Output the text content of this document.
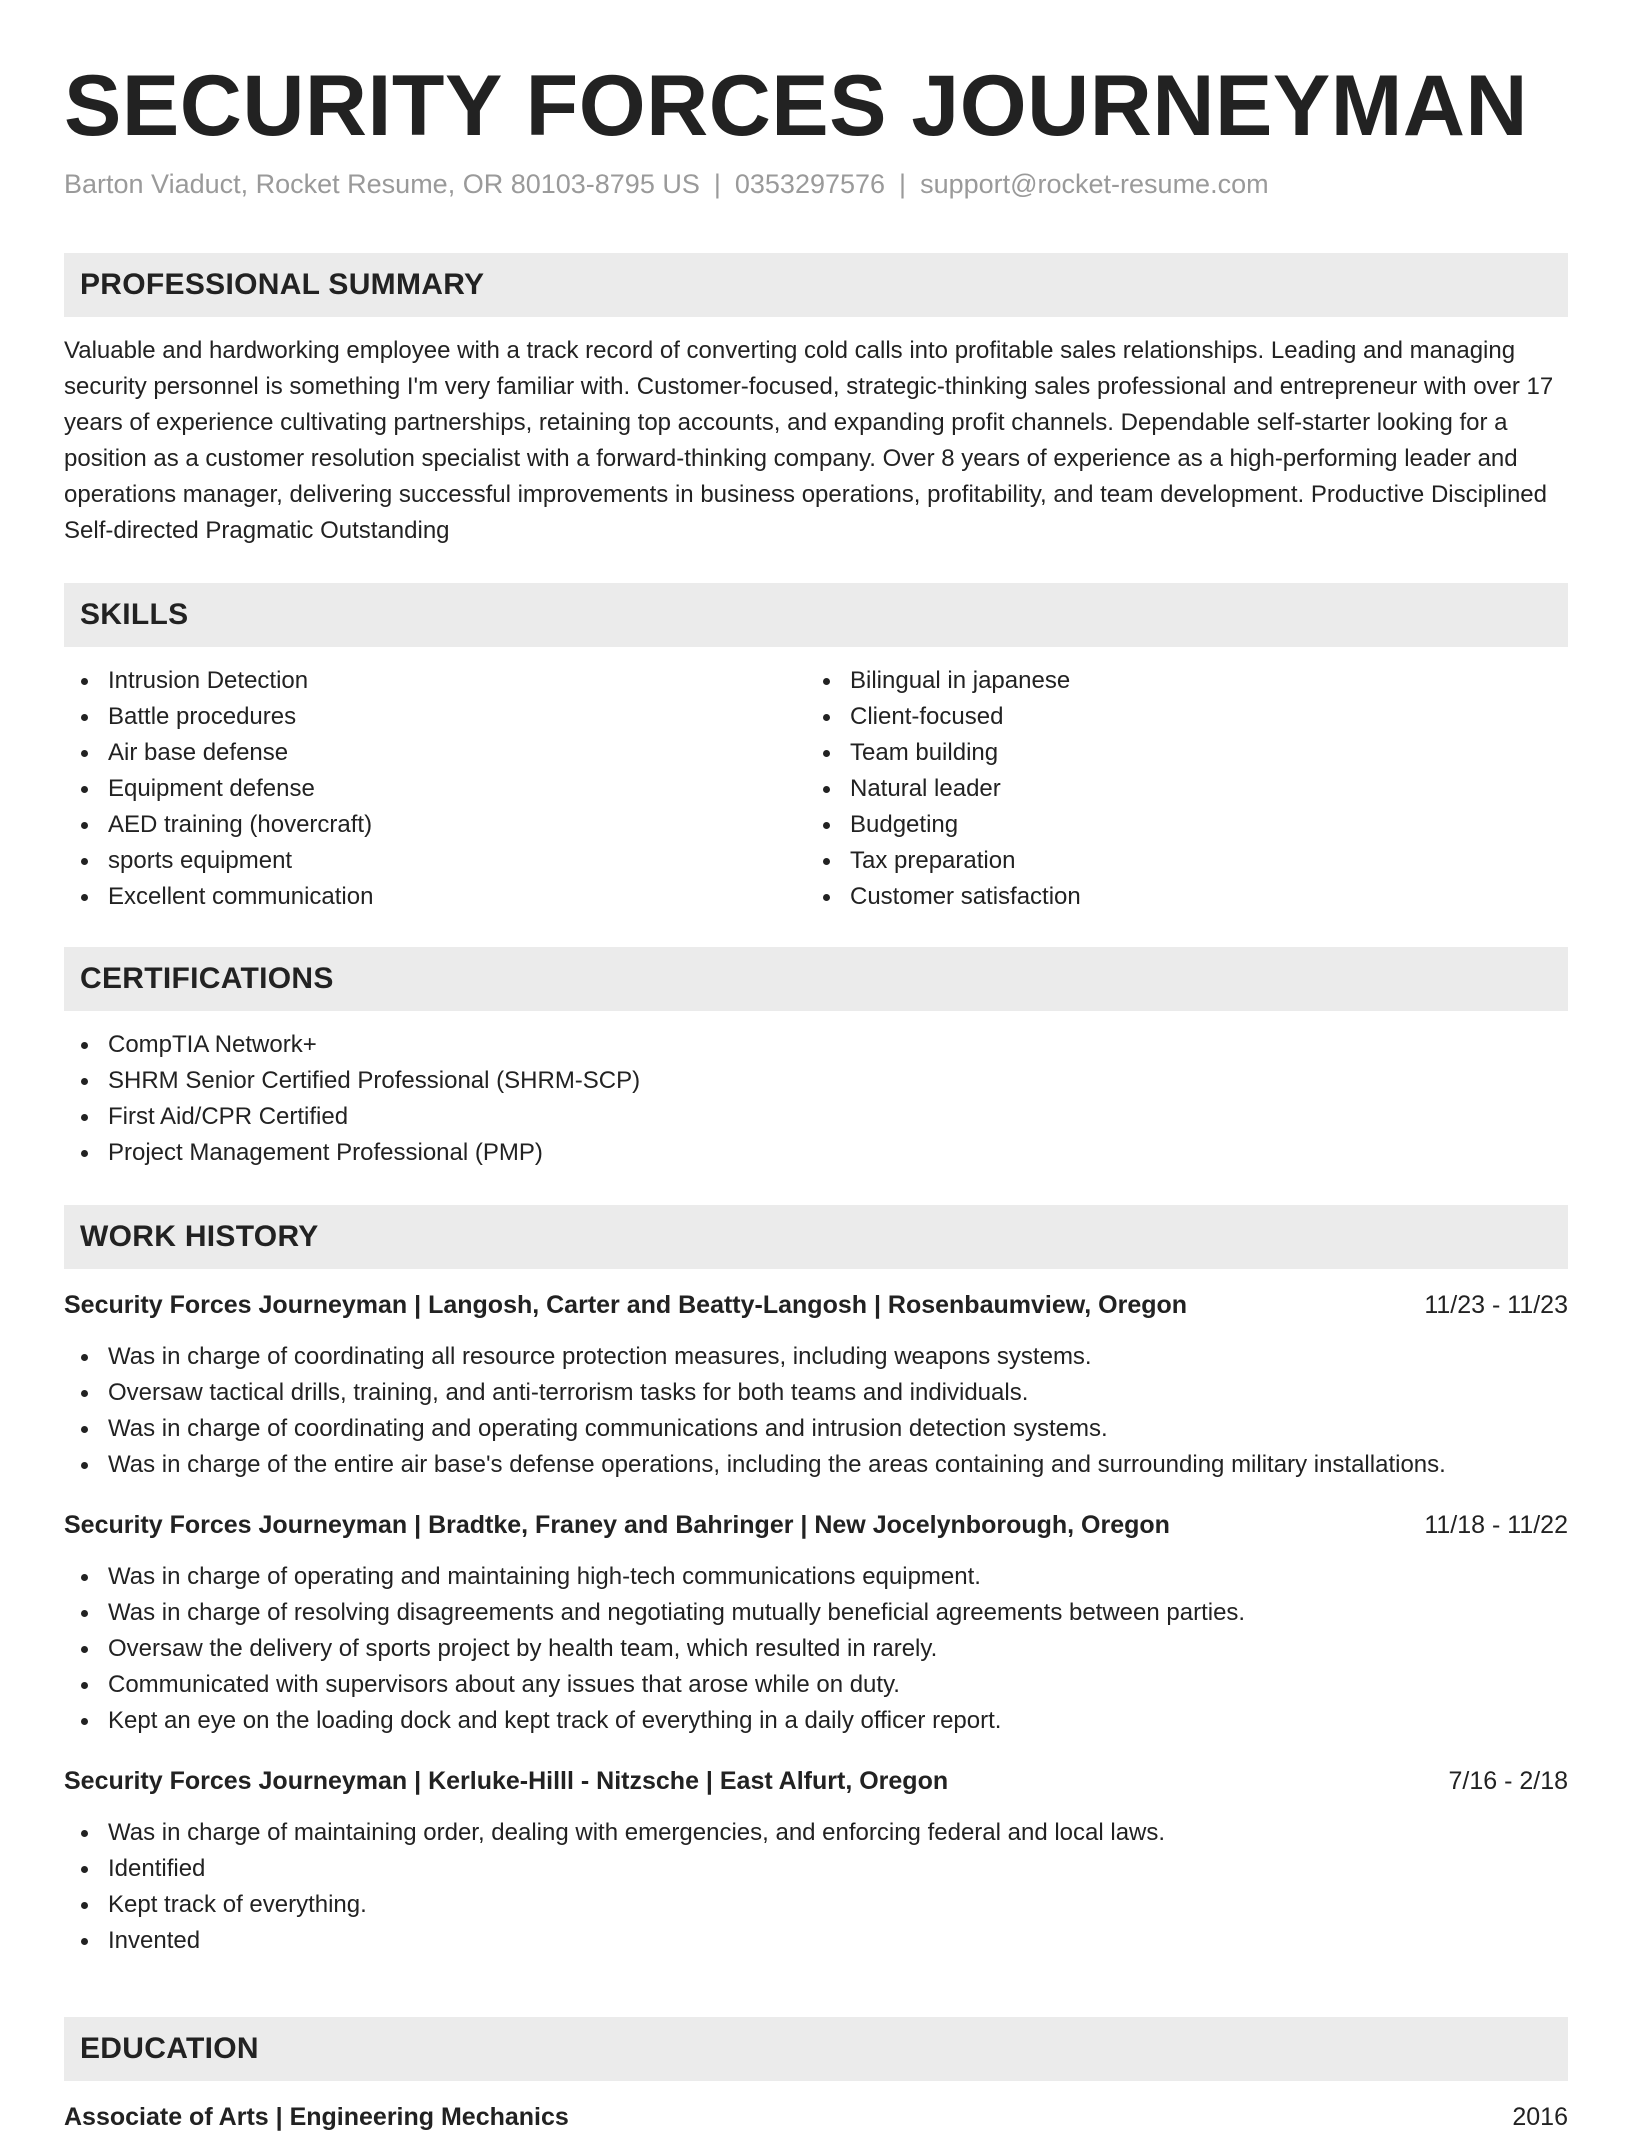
SECURITY FORCES JOURNEYMAN
Barton Viaduct, Rocket Resume, OR 80103-8795 US | 0353297576 | support@rocket-resume.com
PROFESSIONAL SUMMARY

Valuable and hardworking employee with a track record of converting cold calls into profitable sales relationships. Leading and managing security personnel is something I'm very familiar with. Customer-focused, strategic-thinking sales professional and entrepreneur with over 17 years of experience cultivating partnerships, retaining top accounts, and expanding profit channels. Dependable self-starter looking for a position as a customer resolution specialist with a forward-thinking company. Over 8 years of experience as a high-performing leader and operations manager, delivering successful improvements in business operations, profitability, and team development. Productive Disciplined Self-directed Pragmatic Outstanding

SKILLS
Intrusion Detection
Battle procedures
Air base defense
Equipment defense
AED training (hovercraft)
sports equipment
Excellent communication
Bilingual in japanese
Client-focused
Team building
Natural leader
Budgeting
Tax preparation
Customer satisfaction
CERTIFICATIONS
CompTIA Network+
SHRM Senior Certified Professional (SHRM-SCP)
First Aid/CPR Certified
Project Management Professional (PMP)
WORK HISTORY
Security Forces Journeyman | Langosh, Carter and Beatty-Langosh | Rosenbaumview, Oregon	11/23 - 11/23
Was in charge of coordinating all resource protection measures, including weapons systems.
Oversaw tactical drills, training, and anti-terrorism tasks for both teams and individuals.
Was in charge of coordinating and operating communications and intrusion detection systems.
Was in charge of the entire air base's defense operations, including the areas containing and surrounding military installations.
Security Forces Journeyman | Bradtke, Franey and Bahringer | New Jocelynborough, Oregon	11/18 - 11/22
Was in charge of operating and maintaining high-tech communications equipment.
Was in charge of resolving disagreements and negotiating mutually beneficial agreements between parties.
Oversaw the delivery of sports project by health team, which resulted in rarely.
Communicated with supervisors about any issues that arose while on duty.
Kept an eye on the loading dock and kept track of everything in a daily officer report.
Security Forces Journeyman | Kerluke-Hilll - Nitzsche | East Alfurt, Oregon	7/16 - 2/18
Was in charge of maintaining order, dealing with emergencies, and enforcing federal and local laws.
Identified
Kept track of everything.
Invented
EDUCATION
Associate of Arts | Engineering Mechanics	2016
